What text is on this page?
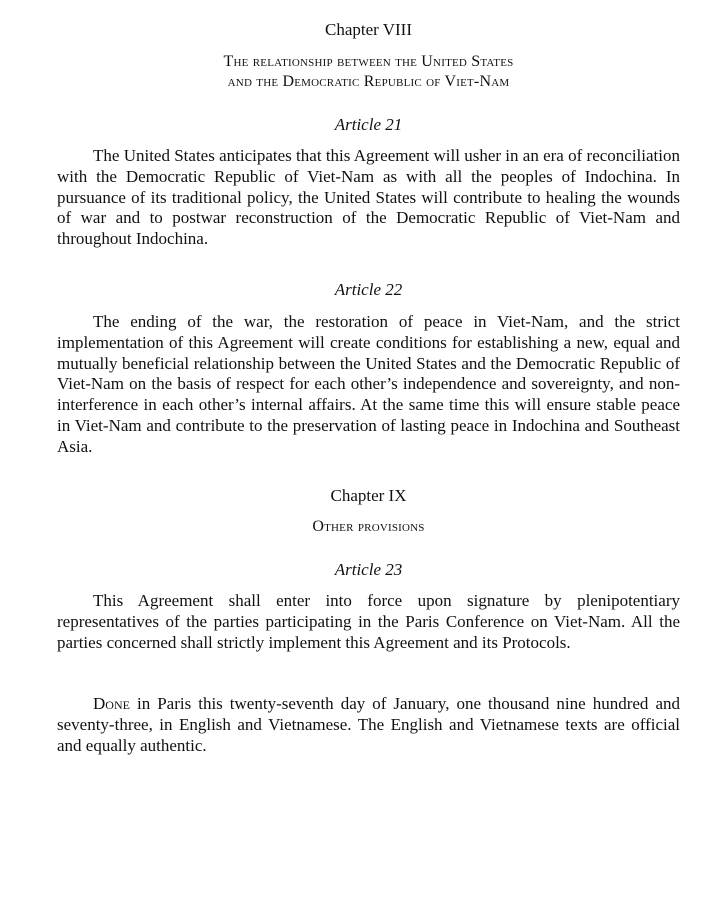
Chapter VIII

The relationship between the United States

and the Democratic Republic of Viet-Nam

Article 21

The United States anticipates that this Agreement will usher in an era of reconciliation with the Democratic Republic of Viet-Nam as with all the peoples of Indochina. In pursuance of its traditional policy, the United States will contribute to healing the wounds of war and to postwar reconstruction of the Democratic Republic of Viet-Nam and throughout Indochina.

Article 22

The ending of the war, the restoration of peace in Viet-Nam, and the strict implementation of this Agreement will create conditions for establishing a new, equal and mutually beneficial relationship between the United States and the Democratic Republic of Viet-Nam on the basis of respect for each other’s independence and sovereignty, and non-interference in each other’s internal affairs. At the same time this will ensure stable peace in Viet-Nam and contribute to the preservation of lasting peace in Indochina and Southeast Asia.

Chapter IX

Other provisions

Article 23

This Agreement shall enter into force upon signature by plenipotentiary representatives of the parties participating in the Paris Conference on Viet-Nam. All the parties concerned shall strictly implement this Agreement and its Protocols.

Done in Paris this twenty-seventh day of January, one thousand nine hundred and seventy-three, in English and Vietnamese. The English and Vietnamese texts are official and equally authentic.
